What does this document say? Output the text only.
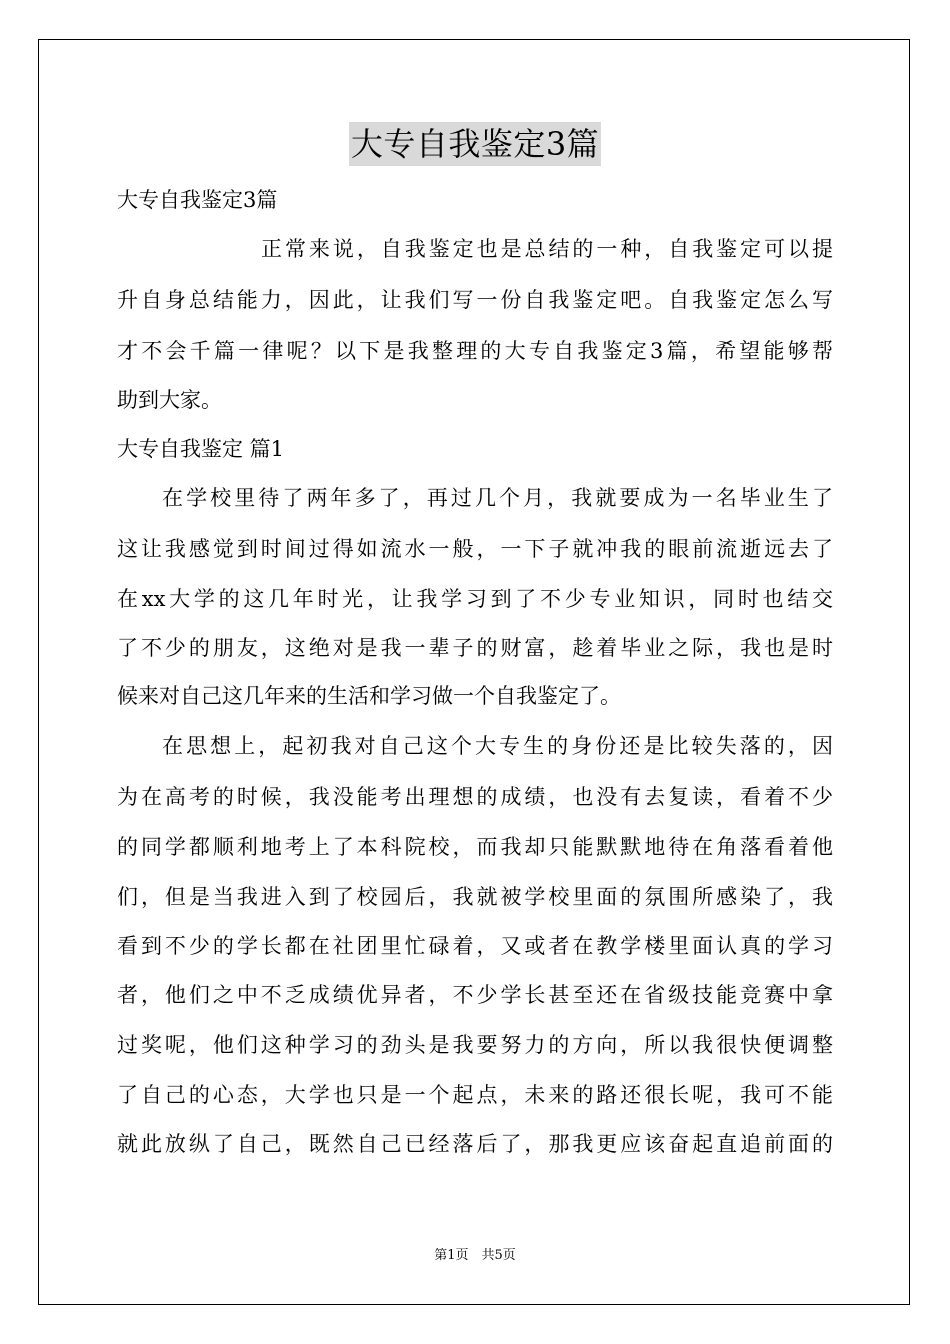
大专自我鉴定3篇
大专自我鉴定3篇
正常来说，自我鉴定也是总结的一种，自我鉴定可以提
升自身总结能力，因此，让我们写一份自我鉴定吧。自我鉴定怎么写
才不会千篇一律呢？以下是我整理的大专自我鉴定3篇，希望能够帮
助到大家。
大专自我鉴定 篇1
在学校里待了两年多了，再过几个月，我就要成为一名毕业生了
这让我感觉到时间过得如流水一般，一下子就冲我的眼前流逝远去了
在xx大学的这几年时光，让我学习到了不少专业知识，同时也结交
了不少的朋友，这绝对是我一辈子的财富，趁着毕业之际，我也是时
候来对自己这几年来的生活和学习做一个自我鉴定了。
在思想上，起初我对自己这个大专生的身份还是比较失落的，因
为在高考的时候，我没能考出理想的成绩，也没有去复读，看着不少
的同学都顺利地考上了本科院校，而我却只能默默地待在角落看着他
们，但是当我进入到了校园后，我就被学校里面的氛围所感染了，我
看到不少的学长都在社团里忙碌着，又或者在教学楼里面认真的学习
者，他们之中不乏成绩优异者，不少学长甚至还在省级技能竞赛中拿
过奖呢，他们这种学习的劲头是我要努力的方向，所以我很快便调整
了自己的心态，大学也只是一个起点，未来的路还很长呢，我可不能
就此放纵了自己，既然自己已经落后了，那我更应该奋起直追前面的
第1页　共5页
